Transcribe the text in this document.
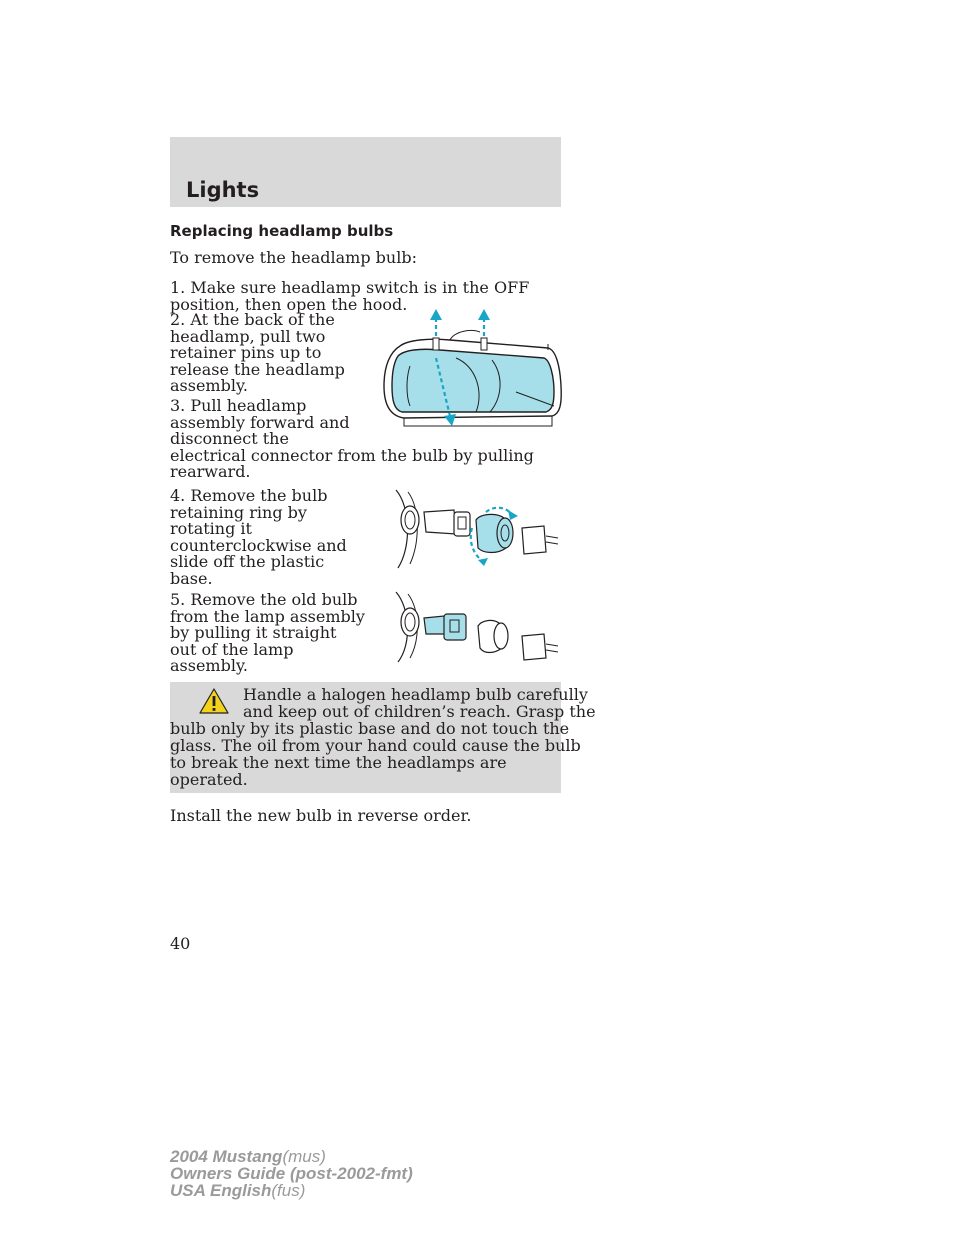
Lights
Replacing headlamp bulbs

To remove the headlamp bulb:

1. Make sure headlamp switch is in the OFF

position, then open the hood.

2. At the back of the

headlamp, pull two

retainer pins up to

release the headlamp

assembly.

3. Pull headlamp

assembly forward and

disconnect the

electrical connector from the bulb by pulling

rearward.

4. Remove the bulb

retaining ring by

rotating it

counterclockwise and

slide off the plastic

base.

5. Remove the old bulb

from the lamp assembly

by pulling it straight

out of the lamp

assembly.

Handle a halogen headlamp bulb carefully

and keep out of children’s reach. Grasp the

bulb only by its plastic base and do not touch the

glass. The oil from your hand could cause the bulb

to break the next time the headlamps are

operated.

Install the new bulb in reverse order.

40

2004 Mustang(mus)
Owners Guide (post-2002-fmt)
USA English(fus)
